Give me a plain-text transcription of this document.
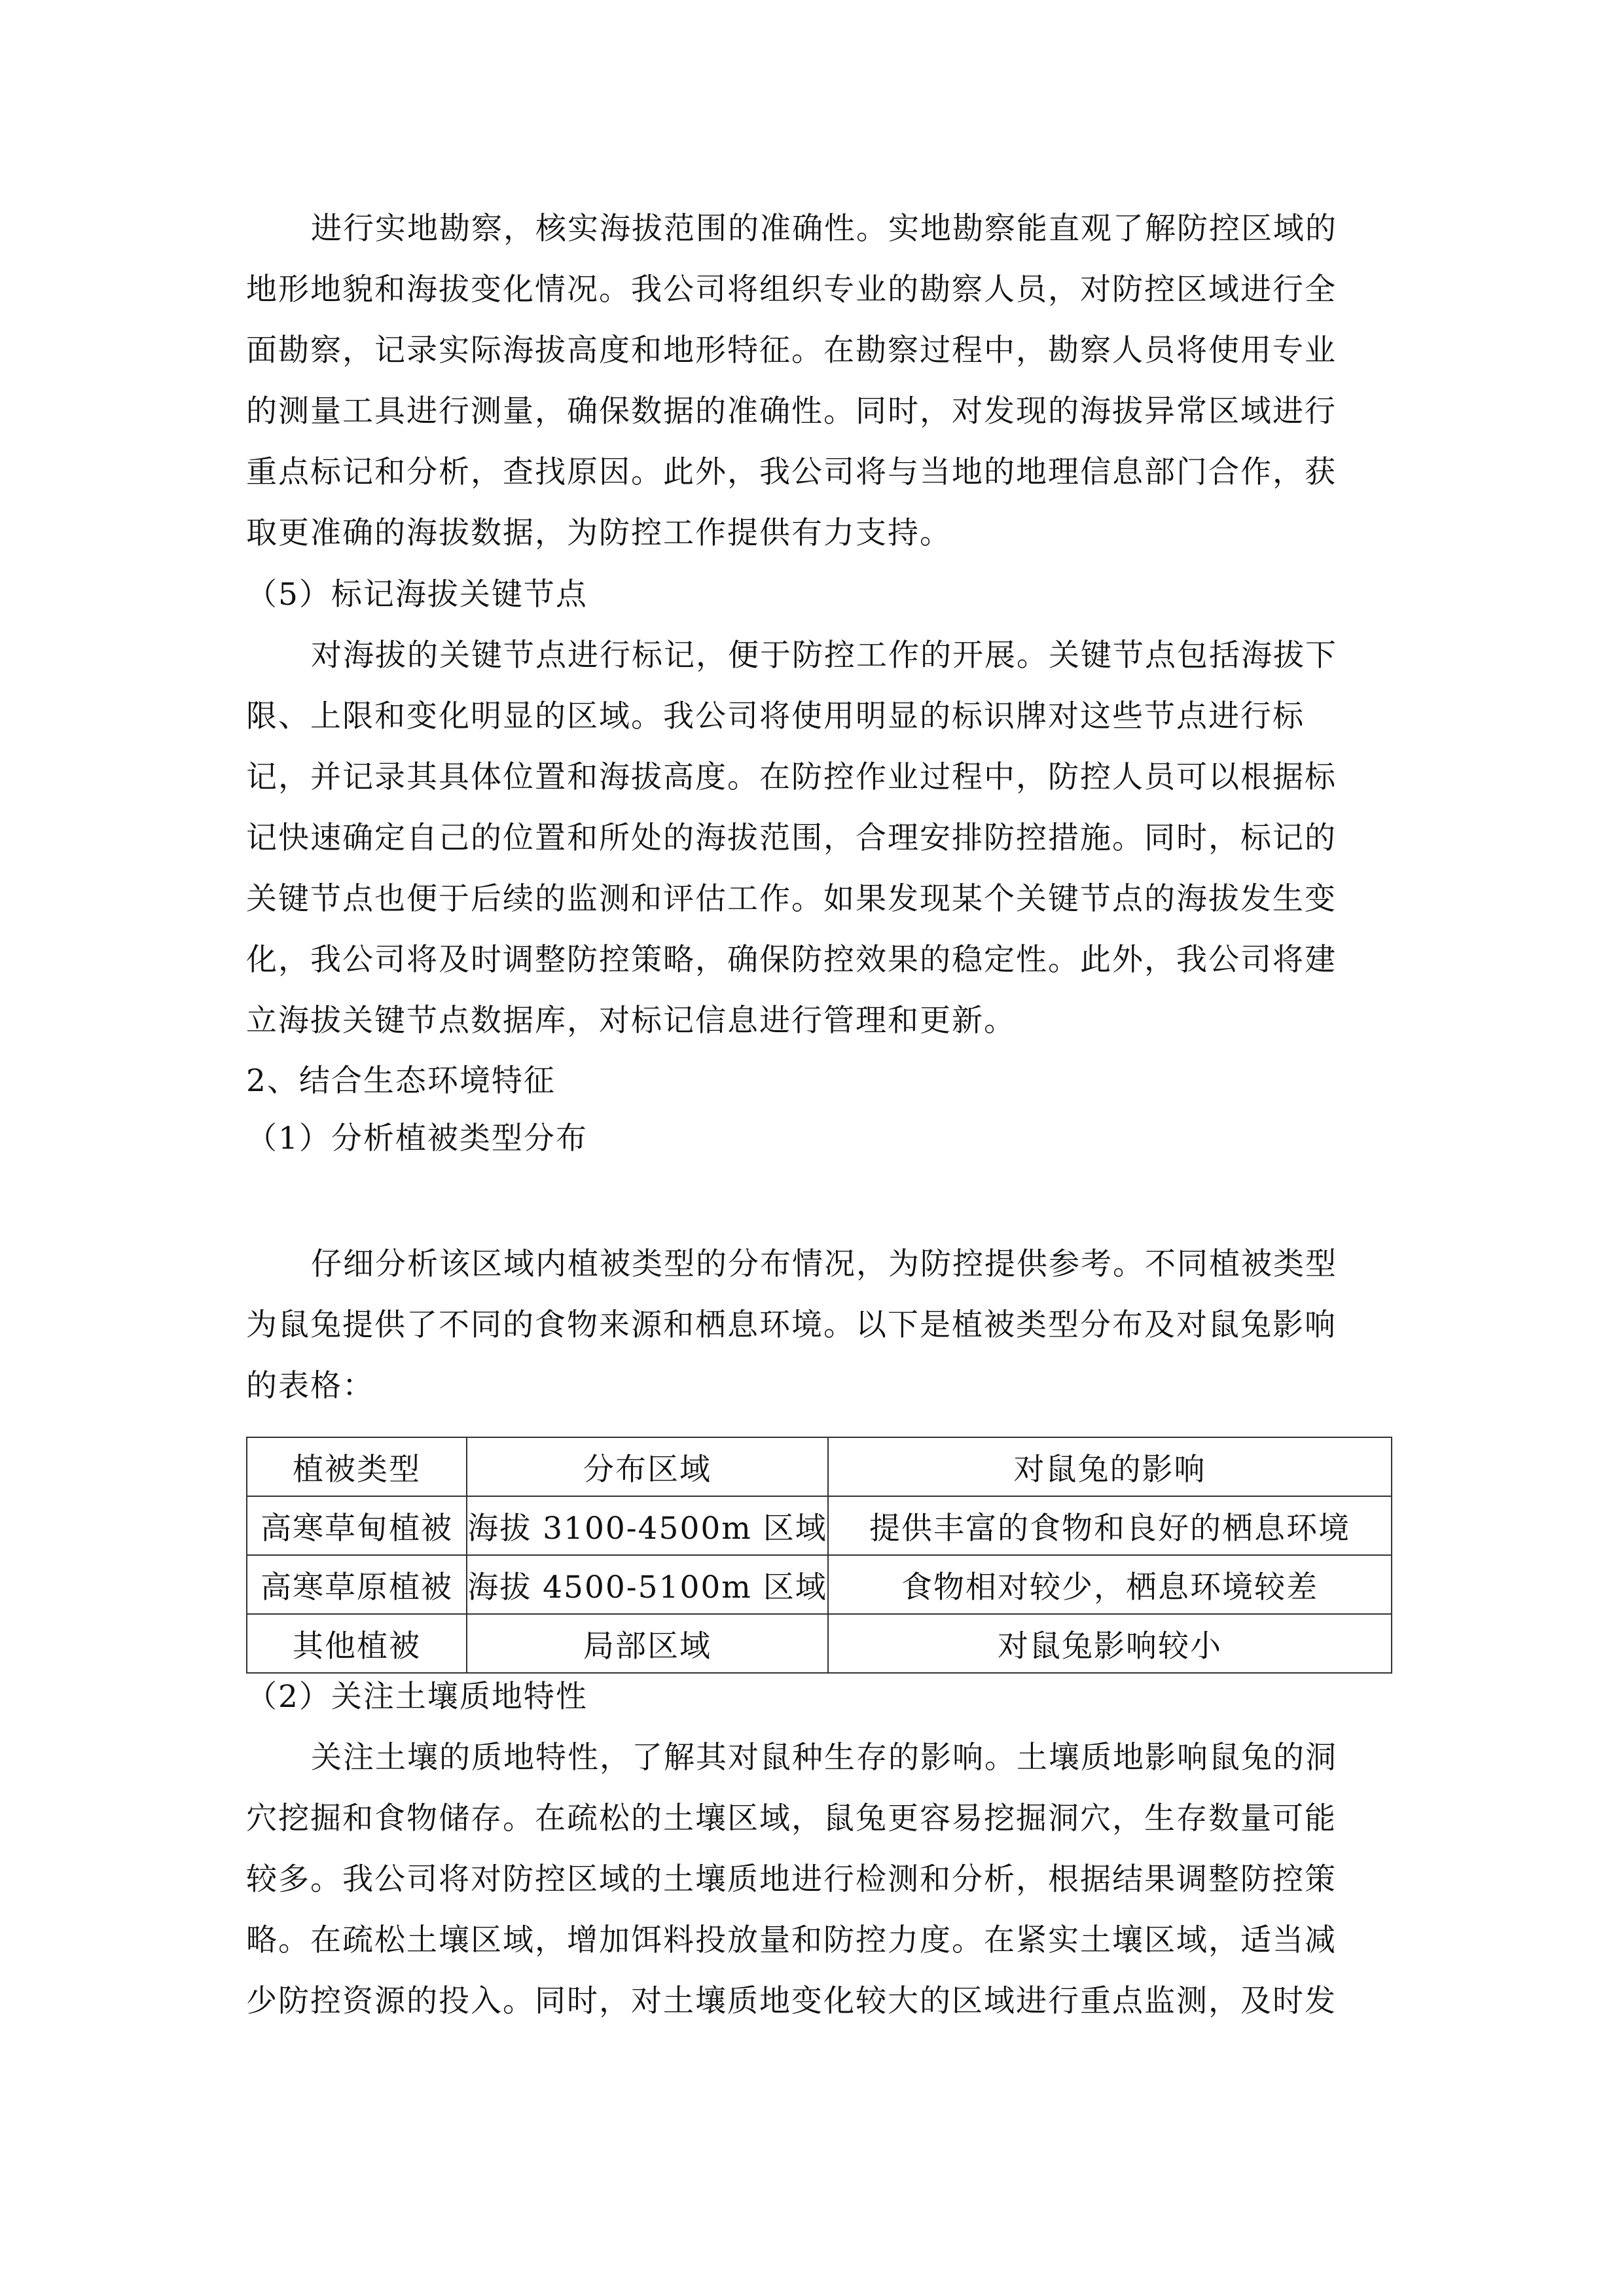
进行实地勘察，核实海拔范围的准确性。实地勘察能直观了解防控区域的
地形地貌和海拔变化情况。我公司将组织专业的勘察人员，对防控区域进行全
面勘察，记录实际海拔高度和地形特征。在勘察过程中，勘察人员将使用专业
的测量工具进行测量，确保数据的准确性。同时，对发现的海拔异常区域进行
重点标记和分析，查找原因。此外，我公司将与当地的地理信息部门合作，获
取更准确的海拔数据，为防控工作提供有力支持。
（5）标记海拔关键节点
对海拔的关键节点进行标记，便于防控工作的开展。关键节点包括海拔下
限、上限和变化明显的区域。我公司将使用明显的标识牌对这些节点进行标
记，并记录其具体位置和海拔高度。在防控作业过程中，防控人员可以根据标
记快速确定自己的位置和所处的海拔范围，合理安排防控措施。同时，标记的
关键节点也便于后续的监测和评估工作。如果发现某个关键节点的海拔发生变
化，我公司将及时调整防控策略，确保防控效果的稳定性。此外，我公司将建
立海拔关键节点数据库，对标记信息进行管理和更新。
2、结合生态环境特征
（1）分析植被类型分布
仔细分析该区域内植被类型的分布情况，为防控提供参考。不同植被类型
为鼠兔提供了不同的食物来源和栖息环境。以下是植被类型分布及对鼠兔影响
的表格：
植被类型	分布区域	对鼠兔的影响
高寒草甸植被	海拔 3100-4500m 区域	提供丰富的食物和良好的栖息环境
高寒草原植被	海拔 4500-5100m 区域	食物相对较少，栖息环境较差
其他植被	局部区域	对鼠兔影响较小
（2）关注土壤质地特性
关注土壤的质地特性，了解其对鼠种生存的影响。土壤质地影响鼠兔的洞
穴挖掘和食物储存。在疏松的土壤区域，鼠兔更容易挖掘洞穴，生存数量可能
较多。我公司将对防控区域的土壤质地进行检测和分析，根据结果调整防控策
略。在疏松土壤区域，增加饵料投放量和防控力度。在紧实土壤区域，适当减
少防控资源的投入。同时，对土壤质地变化较大的区域进行重点监测，及时发
